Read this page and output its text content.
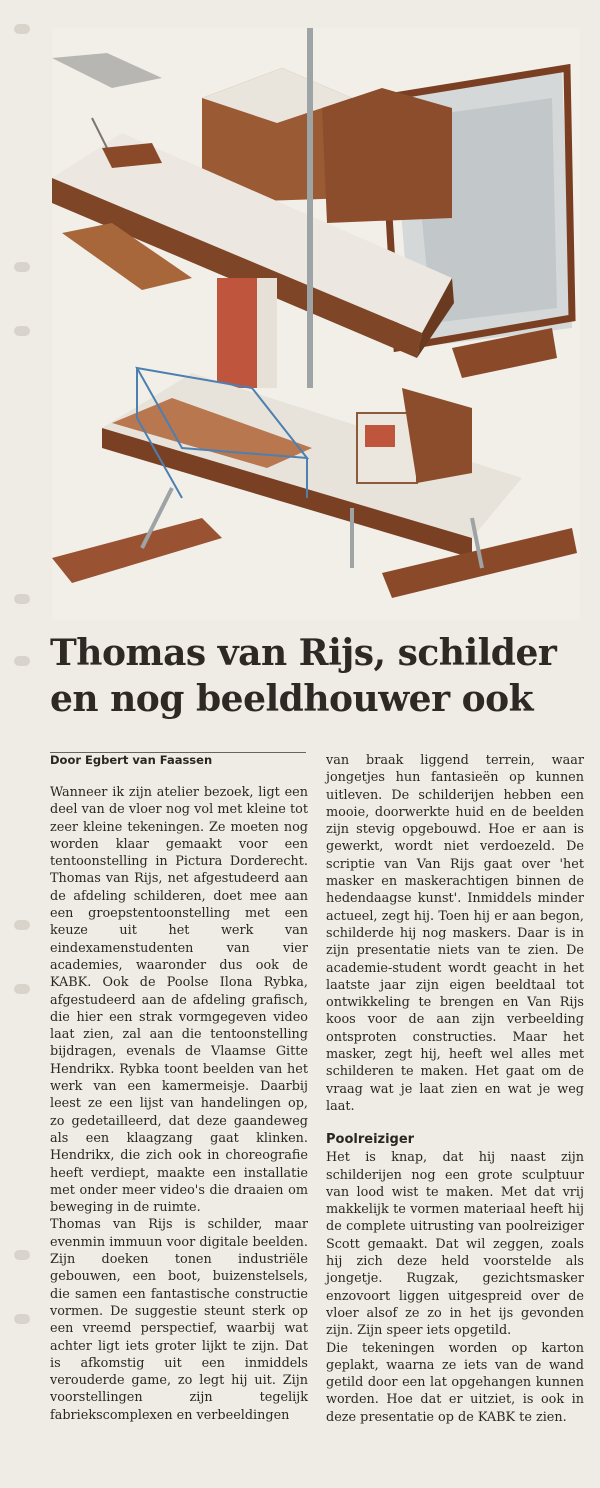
Thomas van Rijs, schilder
en nog beeldhouwer ook

Door Egbert van Faassen

Wanneer ik zijn atelier bezoek, ligt een deel van de vloer nog vol met kleine tot zeer kleine tekeningen. Ze moeten nog worden klaar gemaakt voor een tentoonstelling in Pictura Dorderecht. Thomas van Rijs, net afgestudeerd aan de afdeling schilderen, doet mee aan een groepstentoonstelling met een keuze uit het werk van eindexamenstudenten van vier academies, waaronder dus ook de KABK. Ook de Poolse Ilona Rybka, afgestudeerd aan de afdeling grafisch, die hier een strak vormgegeven video laat zien, zal aan die tentoonstelling bijdragen, evenals de Vlaamse Gitte Hendrikx. Rybka toont beelden van het werk van een kamermeisje. Daarbij leest ze een lijst van handelingen op, zo gedetailleerd, dat deze gaandeweg als een klaagzang gaat klinken. Hendrikx, die zich ook in choreografie heeft verdiept, maakte een installatie met onder meer video's die draaien om beweging in de ruimte.

Thomas van Rijs is schilder, maar evenmin immuun voor digitale beelden. Zijn doeken tonen industriële gebouwen, een boot, buizenstelsels, die samen een fantastische constructie vormen. De suggestie steunt sterk op een vreemd perspectief, waarbij wat achter ligt iets groter lijkt te zijn. Dat is afkomstig uit een inmiddels verouderde game, zo legt hij uit. Zijn voorstellingen zijn tegelijk fabriekscomplexen en verbeeldingen

van braak liggend terrein, waar jongetjes hun fantasieën op kunnen uitleven. De schilderijen hebben een mooie, doorwerkte huid en de beelden zijn stevig opgebouwd. Hoe er aan is gewerkt, wordt niet verdoezeld. De scriptie van Van Rijs gaat over 'het masker en maskerachtigen binnen de hedendaagse kunst'. Inmiddels minder actueel, zegt hij. Toen hij er aan begon, schilderde hij nog maskers. Daar is in zijn presentatie niets van te zien. De academie-student wordt geacht in het laatste jaar zijn eigen beeldtaal tot ontwikkeling te brengen en Van Rijs koos voor de aan zijn verbeelding ontsproten constructies. Maar het masker, zegt hij, heeft wel alles met schilderen te maken. Het gaat om de vraag wat je laat zien en wat je weg laat.

Poolreiziger

Het is knap, dat hij naast zijn schilderijen nog een grote sculptuur van lood wist te maken. Met dat vrij makkelijk te vormen materiaal heeft hij de complete uitrusting van poolreiziger Scott gemaakt. Dat wil zeggen, zoals hij zich deze held voorstelde als jongetje. Rugzak, gezichtsmasker enzovoort liggen uitgespreid over de vloer alsof ze zo in het ijs gevonden zijn. Zijn speer iets opgetild.

Die tekeningen worden op karton geplakt, waarna ze iets van de wand getild door een lat opgehangen kunnen worden. Hoe dat er uitziet, is ook in deze presentatie op de KABK te zien.
